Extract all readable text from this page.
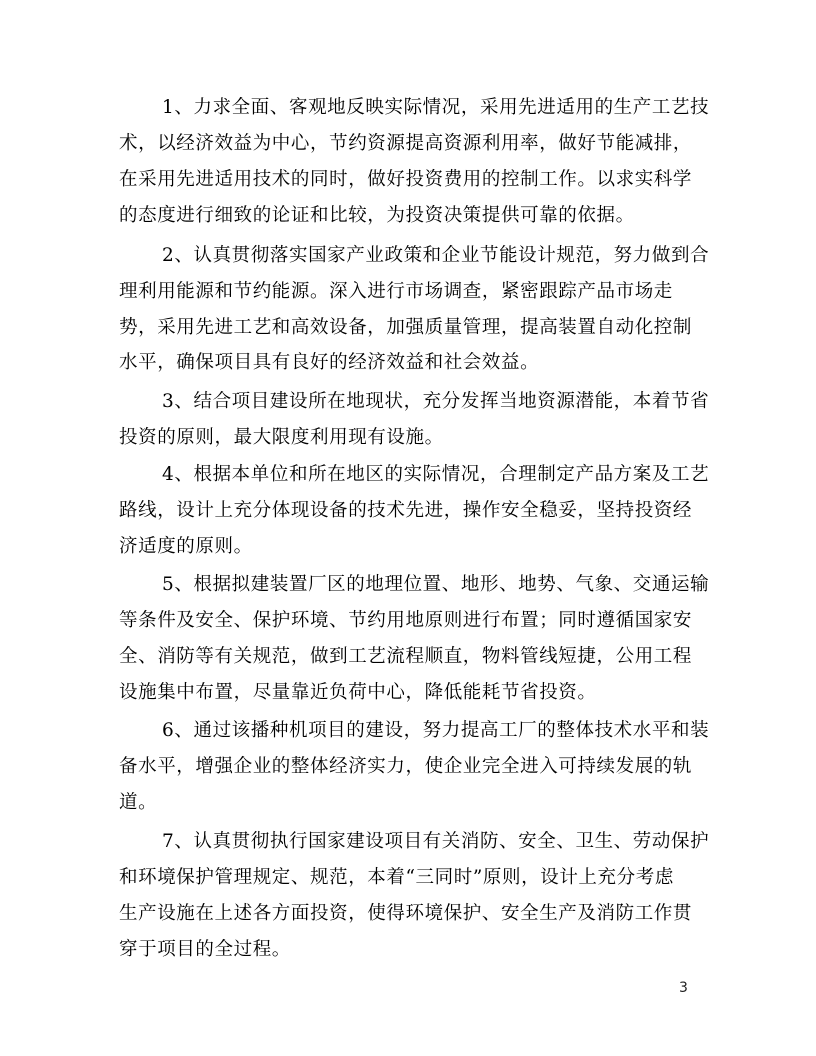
1、力求全面、客观地反映实际情况，采用先进适用的生产工艺技

术，以经济效益为中心，节约资源提高资源利用率，做好节能减排，

在采用先进适用技术的同时，做好投资费用的控制工作。以求实科学

的态度进行细致的论证和比较，为投资决策提供可靠的依据。

2、认真贯彻落实国家产业政策和企业节能设计规范，努力做到合

理利用能源和节约能源。深入进行市场调查，紧密跟踪产品市场走

势，采用先进工艺和高效设备，加强质量管理，提高装置自动化控制

水平，确保项目具有良好的经济效益和社会效益。

3、结合项目建设所在地现状，充分发挥当地资源潜能，本着节省

投资的原则，最大限度利用现有设施。

4、根据本单位和所在地区的实际情况，合理制定产品方案及工艺

路线，设计上充分体现设备的技术先进，操作安全稳妥，坚持投资经

济适度的原则。

5、根据拟建装置厂区的地理位置、地形、地势、气象、交通运输

等条件及安全、保护环境、节约用地原则进行布置；同时遵循国家安

全、消防等有关规范，做到工艺流程顺直，物料管线短捷，公用工程

设施集中布置，尽量靠近负荷中心，降低能耗节省投资。

6、通过该播种机项目的建设，努力提高工厂的整体技术水平和装

备水平，增强企业的整体经济实力，使企业完全进入可持续发展的轨

道。

7、认真贯彻执行国家建设项目有关消防、安全、卫生、劳动保护

和环境保护管理规定、规范，本着“三同时”原则，设计上充分考虑

生产设施在上述各方面投资，使得环境保护、安全生产及消防工作贯

穿于项目的全过程。

3
